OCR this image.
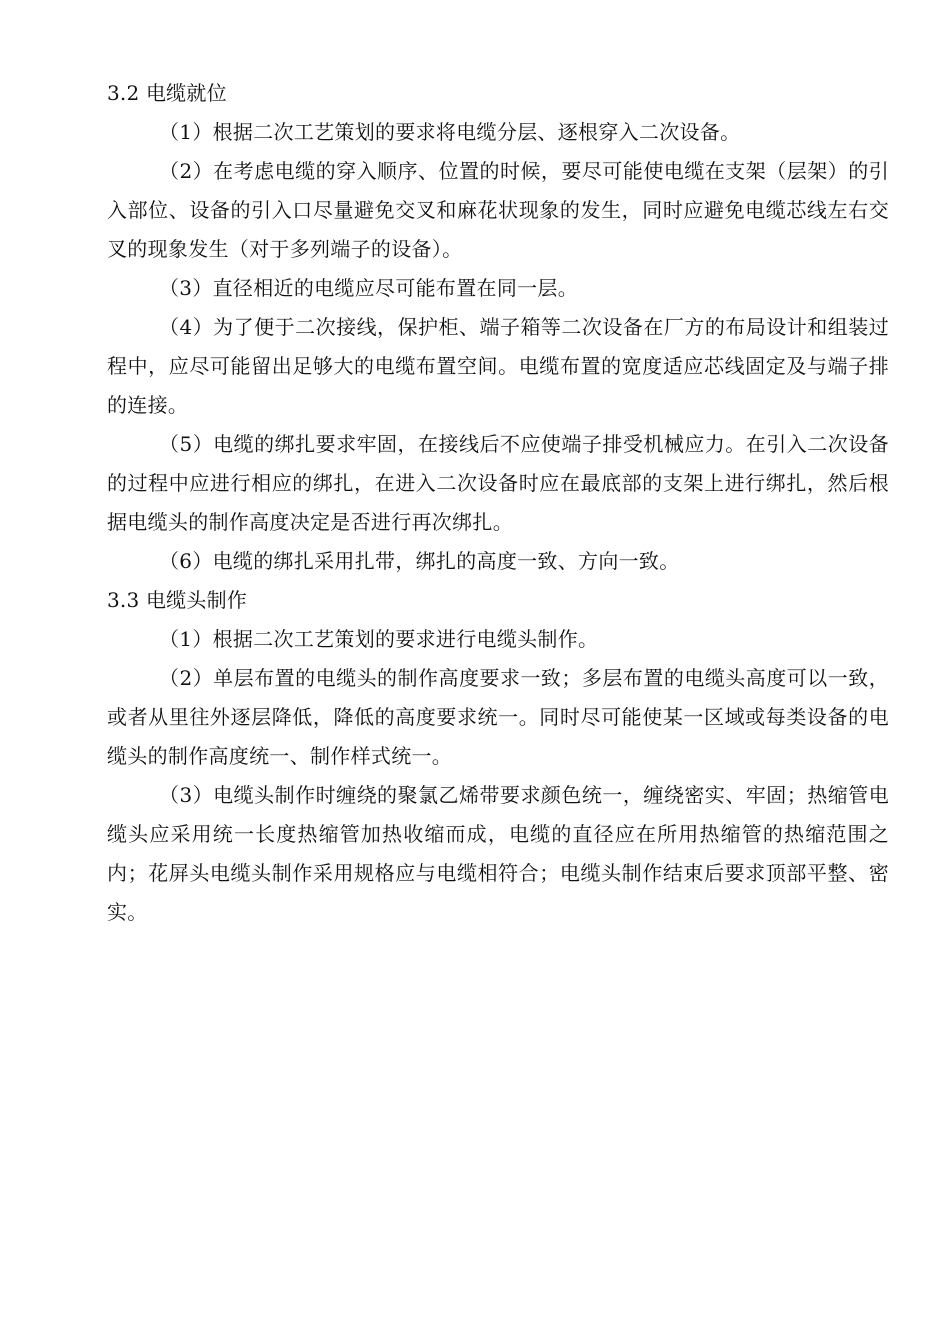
3.2 电缆就位

（1）根据二次工艺策划的要求将电缆分层、逐根穿入二次设备。

（2）在考虑电缆的穿入顺序、位置的时候，要尽可能使电缆在支架（层架）的引入部位、设备的引入口尽量避免交叉和麻花状现象的发生，同时应避免电缆芯线左右交叉的现象发生（对于多列端子的设备）。

（3）直径相近的电缆应尽可能布置在同一层。

（4）为了便于二次接线，保护柜、端子箱等二次设备在厂方的布局设计和组装过程中，应尽可能留出足够大的电缆布置空间。电缆布置的宽度适应芯线固定及与端子排的连接。

（5）电缆的绑扎要求牢固，在接线后不应使端子排受机械应力。在引入二次设备的过程中应进行相应的绑扎，在进入二次设备时应在最底部的支架上进行绑扎，然后根据电缆头的制作高度决定是否进行再次绑扎。

（6）电缆的绑扎采用扎带，绑扎的高度一致、方向一致。

3.3 电缆头制作

（1）根据二次工艺策划的要求进行电缆头制作。

（2）单层布置的电缆头的制作高度要求一致；多层布置的电缆头高度可以一致，或者从里往外逐层降低，降低的高度要求统一。同时尽可能使某一区域或每类设备的电缆头的制作高度统一、制作样式统一。

（3）电缆头制作时缠绕的聚氯乙烯带要求颜色统一，缠绕密实、牢固；热缩管电缆头应采用统一长度热缩管加热收缩而成，电缆的直径应在所用热缩管的热缩范围之内；花屏头电缆头制作采用规格应与电缆相符合；电缆头制作结束后要求顶部平整、密实。
